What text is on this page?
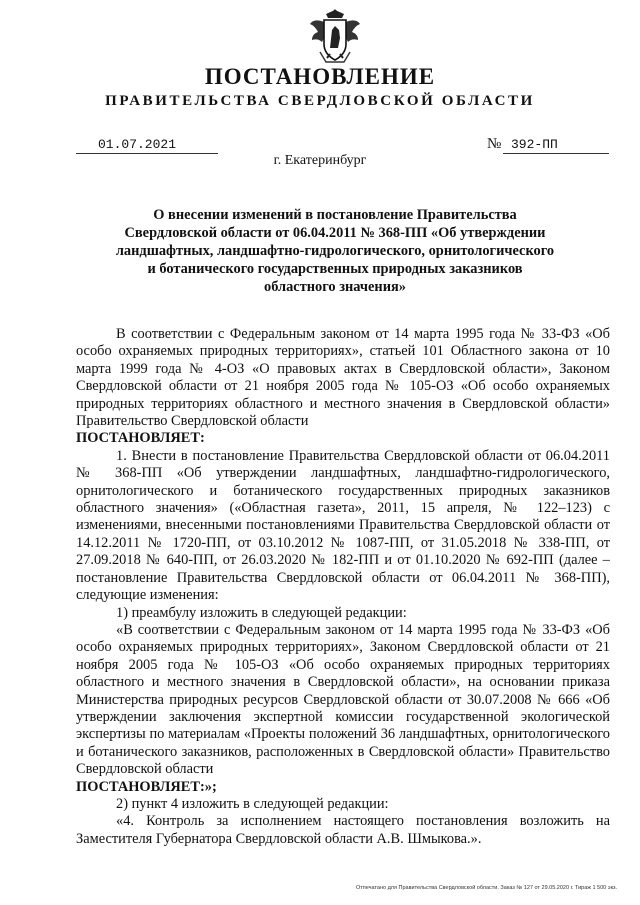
ПОСТАНОВЛЕНИЕ
ПРАВИТЕЛЬСТВА СВЕРДЛОВСКОЙ ОБЛАСТИ
01.07.2021	№ 392-ПП
г. Екатеринбург
О внесении изменений в постановление Правительства Свердловской области от 06.04.2011 № 368-ПП «Об утверждении ландшафтных, ландшафтно-гидрологического, орнитологического и ботанического государственных природных заказников областного значения»

В соответствии с Федеральным законом от 14 марта 1995 года № 33-ФЗ «Об особо охраняемых природных территориях», статьей 101 Областного закона от 10 марта 1999 года № 4-ОЗ «О правовых актах в Свердловской области», Законом Свердловской области от 21 ноября 2005 года № 105-ОЗ «Об особо охраняемых природных территориях областного и местного значения в Свердловской области» Правительство Свердловской области

ПОСТАНОВЛЯЕТ:

1. Внести в постановление Правительства Свердловской области от 06.04.2011 № 368-ПП «Об утверждении ландшафтных, ландшафтно-гидрологического, орнитологического и ботанического государственных природных заказников областного значения» («Областная газета», 2011, 15 апреля, № 122–123) с изменениями, внесенными постановлениями Правительства Свердловской области от 14.12.2011 № 1720-ПП, от 03.10.2012 № 1087-ПП, от 31.05.2018 № 338-ПП, от 27.09.2018 № 640-ПП, от 26.03.2020 № 182-ПП и от 01.10.2020 № 692-ПП (далее – постановление Правительства Свердловской области от 06.04.2011 № 368-ПП), следующие изменения:

1) преамбулу изложить в следующей редакции:

«В соответствии с Федеральным законом от 14 марта 1995 года № 33-ФЗ «Об особо охраняемых природных территориях», Законом Свердловской области от 21 ноября 2005 года № 105-ОЗ «Об особо охраняемых природных территориях областного и местного значения в Свердловской области», на основании приказа Министерства природных ресурсов Свердловской области от 30.07.2008 № 666 «Об утверждении заключения экспертной комиссии государственной экологической экспертизы по материалам «Проекты положений 36 ландшафтных, орнитологического и ботанического заказников, расположенных в Свердловской области» Правительство Свердловской области

ПОСТАНОВЛЯЕТ:»;

2) пункт 4 изложить в следующей редакции:

«4. Контроль за исполнением настоящего постановления возложить на Заместителя Губернатора Свердловской области А.В. Шмыкова.».

Отпечатано для Правительства Свердловской области. Заказ № 127 от 29.05.2020 г. Тираж 1 500 экз.
